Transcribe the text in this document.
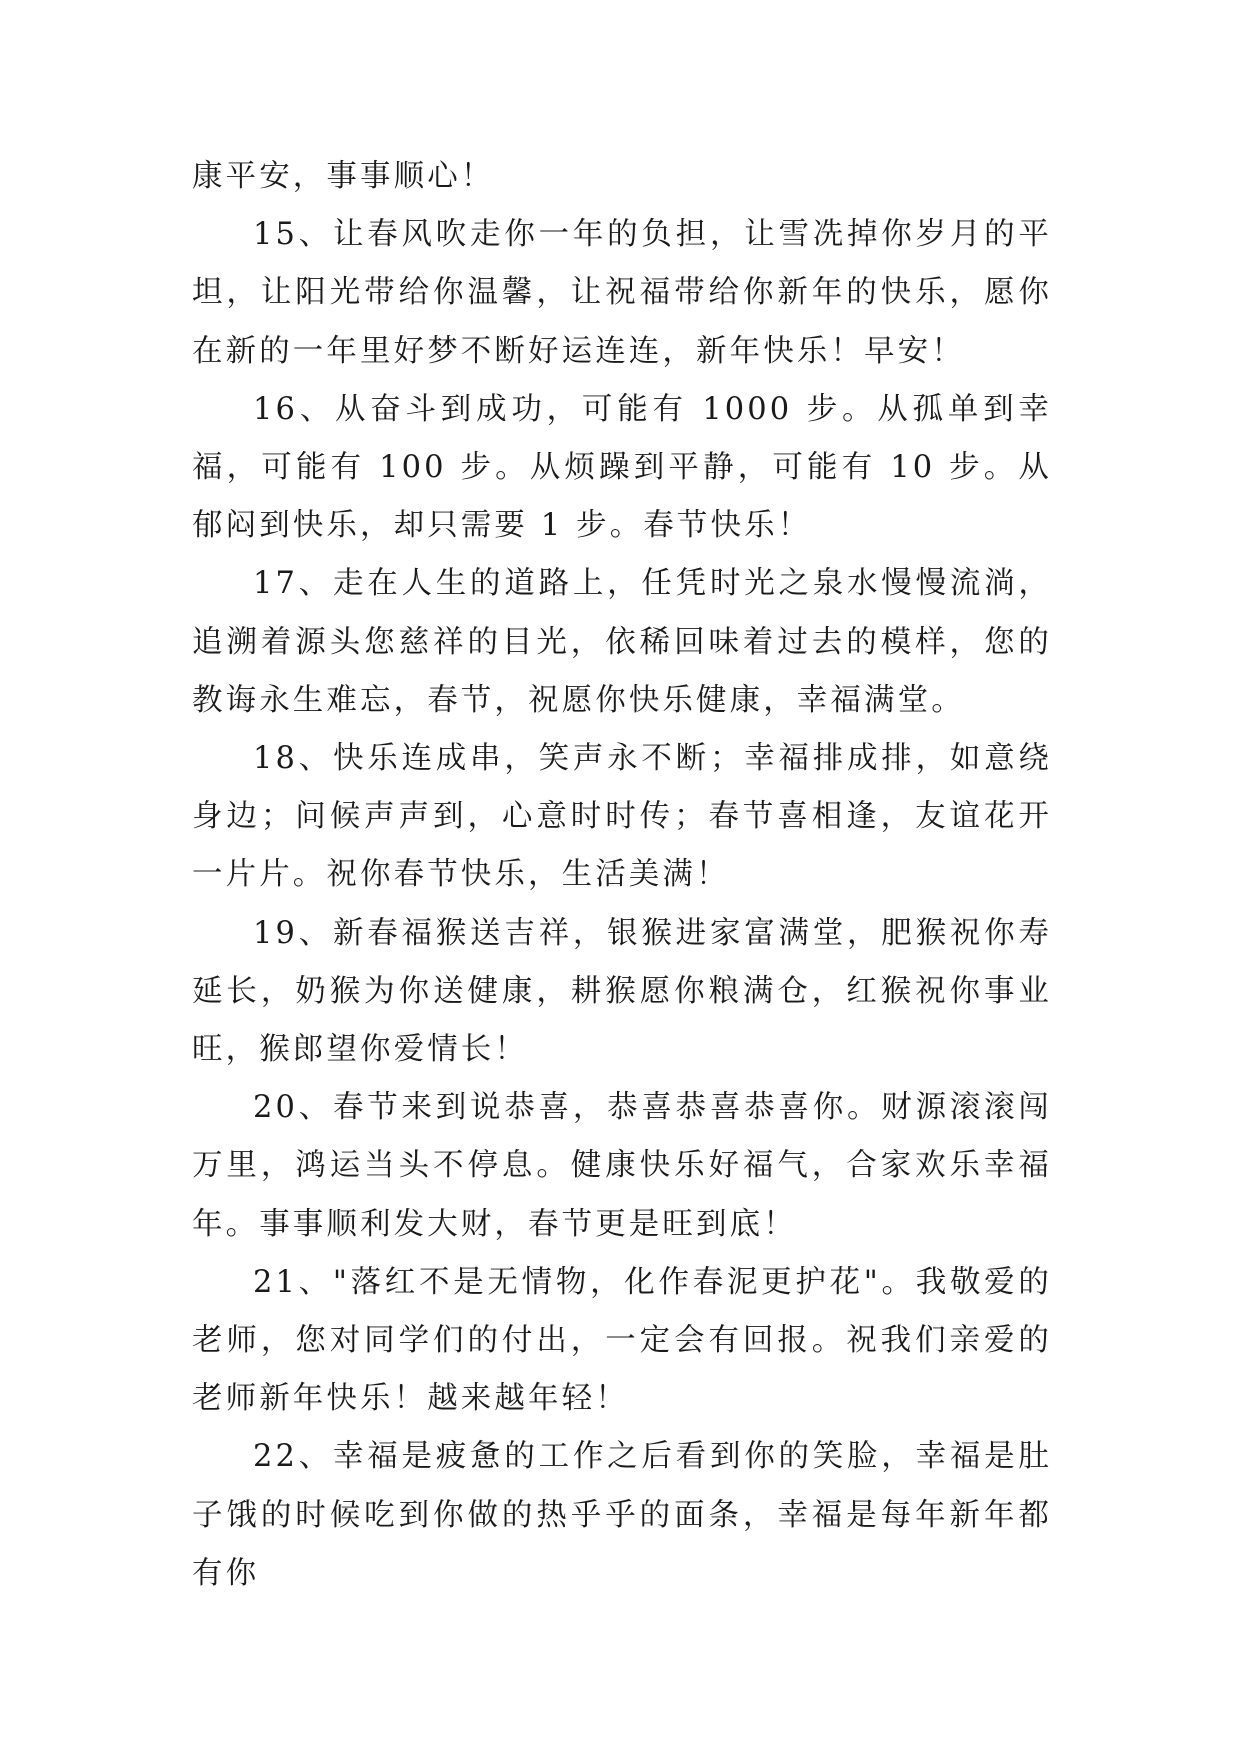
康平安，事事顺心！

15、让春风吹走你一年的负担，让雪冼掉你岁月的平坦，让阳光带给你温馨，让祝福带给你新年的快乐，愿你在新的一年里好梦不断好运连连，新年快乐！早安！

16、从奋斗到成功，可能有 1000 步。从孤单到幸福，可能有 100 步。从烦躁到平静，可能有 10 步。从郁闷到快乐，却只需要 1 步。春节快乐！

17、走在人生的道路上，任凭时光之泉水慢慢流淌，追溯着源头您慈祥的目光，依稀回味着过去的模样，您的教诲永生难忘，春节，祝愿你快乐健康，幸福满堂。

18、快乐连成串，笑声永不断；幸福排成排，如意绕身边；问候声声到，心意时时传；春节喜相逢，友谊花开一片片。祝你春节快乐，生活美满！

19、新春福猴送吉祥，银猴进家富满堂，肥猴祝你寿延长，奶猴为你送健康，耕猴愿你粮满仓，红猴祝你事业旺，猴郎望你爱情长！

20、春节来到说恭喜，恭喜恭喜恭喜你。财源滚滚闯万里，鸿运当头不停息。健康快乐好福气，合家欢乐幸福年。事事顺利发大财，春节更是旺到底！

21、"落红不是无情物，化作春泥更护花"。我敬爱的老师，您对同学们的付出，一定会有回报。祝我们亲爱的老师新年快乐！越来越年轻！

22、幸福是疲惫的工作之后看到你的笑脸，幸福是肚子饿的时候吃到你做的热乎乎的面条，幸福是每年新年都有你
